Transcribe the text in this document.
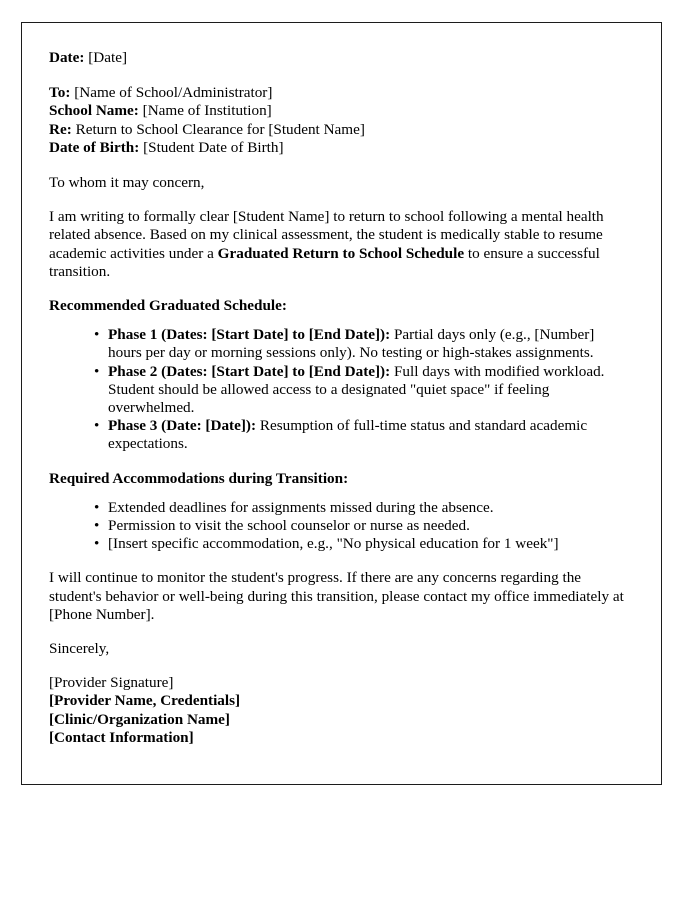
Date: [Date]
To: [Name of School/Administrator]
School Name: [Name of Institution]
Re: Return to School Clearance for [Student Name]
Date of Birth: [Student Date of Birth]

To whom it may concern,

I am writing to formally clear [Student Name] to return to school following a mental health related absence. Based on my clinical assessment, the student is medically stable to resume academic activities under a Graduated Return to School Schedule to ensure a successful transition.

Recommended Graduated Schedule:

• Phase 1 (Dates: [Start Date] to [End Date]): Partial days only (e.g., [Number] hours per day or morning sessions only). No testing or high-stakes assignments.
• Phase 2 (Dates: [Start Date] to [End Date]): Full days with modified workload. Student should be allowed access to a designated "quiet space" if feeling overwhelmed.
• Phase 3 (Date: [Date]): Resumption of full-time status and standard academic expectations.

Required Accommodations during Transition:

• Extended deadlines for assignments missed during the absence.
• Permission to visit the school counselor or nurse as needed.
• [Insert specific accommodation, e.g., "No physical education for 1 week"]

I will continue to monitor the student's progress. If there are any concerns regarding the student's behavior or well-being during this transition, please contact my office immediately at [Phone Number].

Sincerely,

[Provider Signature]
[Provider Name, Credentials]
[Clinic/Organization Name]
[Contact Information]
